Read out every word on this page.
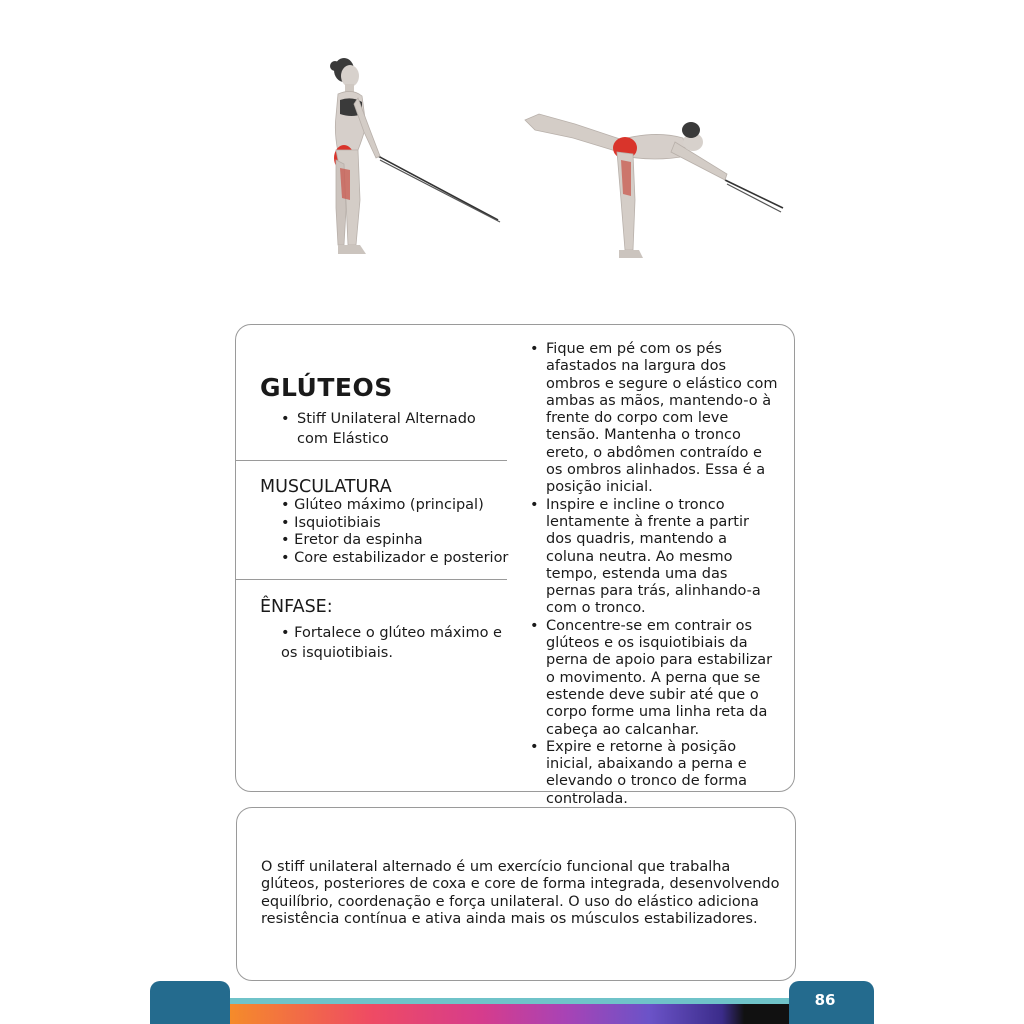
GLÚTEOS
• Stiff Unilateral Alternado com Elástico
MUSCULATURA
• Glúteo máximo (principal)
• Isquiotibiais
• Eretor da espinha
• Core estabilizador e posterior
ÊNFASE:
• Fortalece o glúteo máximo e os isquiotibiais.
• Fique em pé com os pés afastados na largura dos ombros e segure o elástico com ambas as mãos, mantendo-o à frente do corpo com leve tensão. Mantenha o tronco ereto, o abdômen contraído e os ombros alinhados. Essa é a posição inicial.
• Inspire e incline o tronco lentamente à frente a partir dos quadris, mantendo a coluna neutra. Ao mesmo tempo, estenda uma das pernas para trás, alinhando-a com o tronco.
• Concentre-se em contrair os glúteos e os isquiotibiais da perna de apoio para estabilizar o movimento. A perna que se estende deve subir até que o corpo forme uma linha reta da cabeça ao calcanhar.
• Expire e retorne à posição inicial, abaixando a perna e elevando o tronco de forma controlada.

O stiff unilateral alternado é um exercício funcional que trabalha glúteos, posteriores de coxa e core de forma integrada, desenvolvendo equilíbrio, coordenação e força unilateral. O uso do elástico adiciona resistência contínua e ativa ainda mais os músculos estabilizadores.

86
